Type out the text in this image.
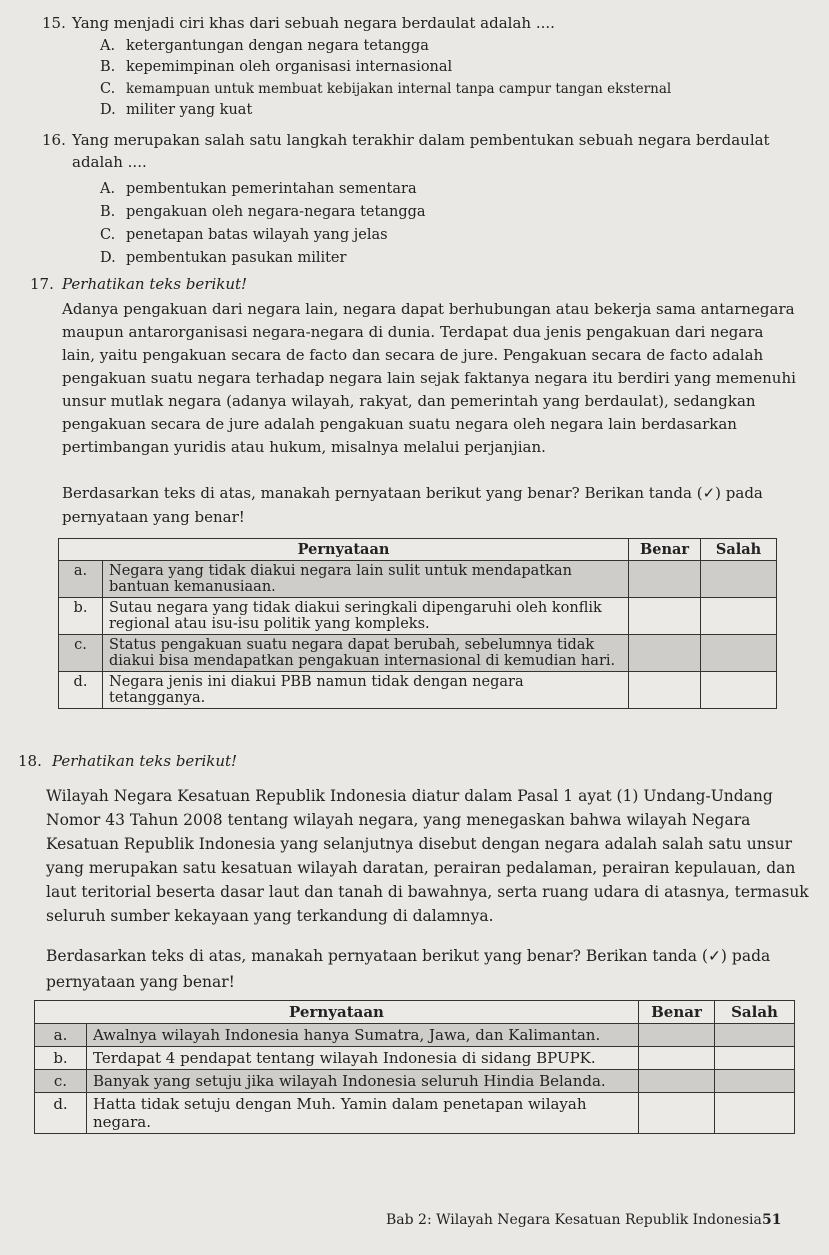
15. Yang menjadi ciri khas dari sebuah negara berdaulat adalah ....
A. ketergantungan dengan negara tetangga
B. kepemimpinan oleh organisasi internasional
C. kemampuan untuk membuat kebijakan internal tanpa campur tangan eksternal
D. militer yang kuat
16. Yang merupakan salah satu langkah terakhir dalam pembentukan sebuah negara berdaulat
adalah ....
A. pembentukan pemerintahan sementara
B. pengakuan oleh negara-negara tetangga
C. penetapan batas wilayah yang jelas
D. pembentukan pasukan militer
17. Perhatikan teks berikut!
Adanya pengakuan dari negara lain, negara dapat berhubungan atau bekerja sama antarnegara
maupun antarorganisasi negara-negara di dunia. Terdapat dua jenis pengakuan dari negara
lain, yaitu pengakuan secara de facto dan secara de jure. Pengakuan secara de facto adalah
pengakuan suatu negara terhadap negara lain sejak faktanya negara itu berdiri yang memenuhi
unsur mutlak negara (adanya wilayah, rakyat, dan pemerintah yang berdaulat), sedangkan
pengakuan secara de jure adalah pengakuan suatu negara oleh negara lain berdasarkan
pertimbangan yuridis atau hukum, misalnya melalui perjanjian.
Berdasarkan teks di atas, manakah pernyataan berikut yang benar? Berikan tanda (✓) pada
pernyataan yang benar!
Pernyataan		Benar	Salah
a.	Negara yang tidak diakui negara lain sulit untuk mendapatkan bantuan kemanusiaan.		
b.	Sutau negara yang tidak diakui seringkali dipengaruhi oleh konflik regional atau isu-isu politik yang kompleks.		
c.	Status pengakuan suatu negara dapat berubah, sebelumnya tidak diakui bisa mendapatkan pengakuan internasional di kemudian hari.		
d.	Negara jenis ini diakui PBB namun tidak dengan negara tetangganya.		
18. Perhatikan teks berikut!
Wilayah Negara Kesatuan Republik Indonesia diatur dalam Pasal 1 ayat (1) Undang-Undang
Nomor 43 Tahun 2008 tentang wilayah negara, yang menegaskan bahwa wilayah Negara
Kesatuan Republik Indonesia yang selanjutnya disebut dengan negara adalah salah satu unsur
yang merupakan satu kesatuan wilayah daratan, perairan pedalaman, perairan kepulauan, dan
laut teritorial beserta dasar laut dan tanah di bawahnya, serta ruang udara di atasnya, termasuk
seluruh sumber kekayaan yang terkandung di dalamnya.
Berdasarkan teks di atas, manakah pernyataan berikut yang benar? Berikan tanda (✓) pada
pernyataan yang benar!
Pernyataan		Benar	Salah
a.	Awalnya wilayah Indonesia hanya Sumatra, Jawa, dan Kalimantan.		
b.	Terdapat 4 pendapat tentang wilayah Indonesia di sidang BPUPK.		
c.	Banyak yang setuju jika wilayah Indonesia seluruh Hindia Belanda.		
d.	Hatta tidak setuju dengan Muh. Yamin dalam penetapan wilayah negara.		
Bab 2: Wilayah Negara Kesatuan Republik Indonesia 51
